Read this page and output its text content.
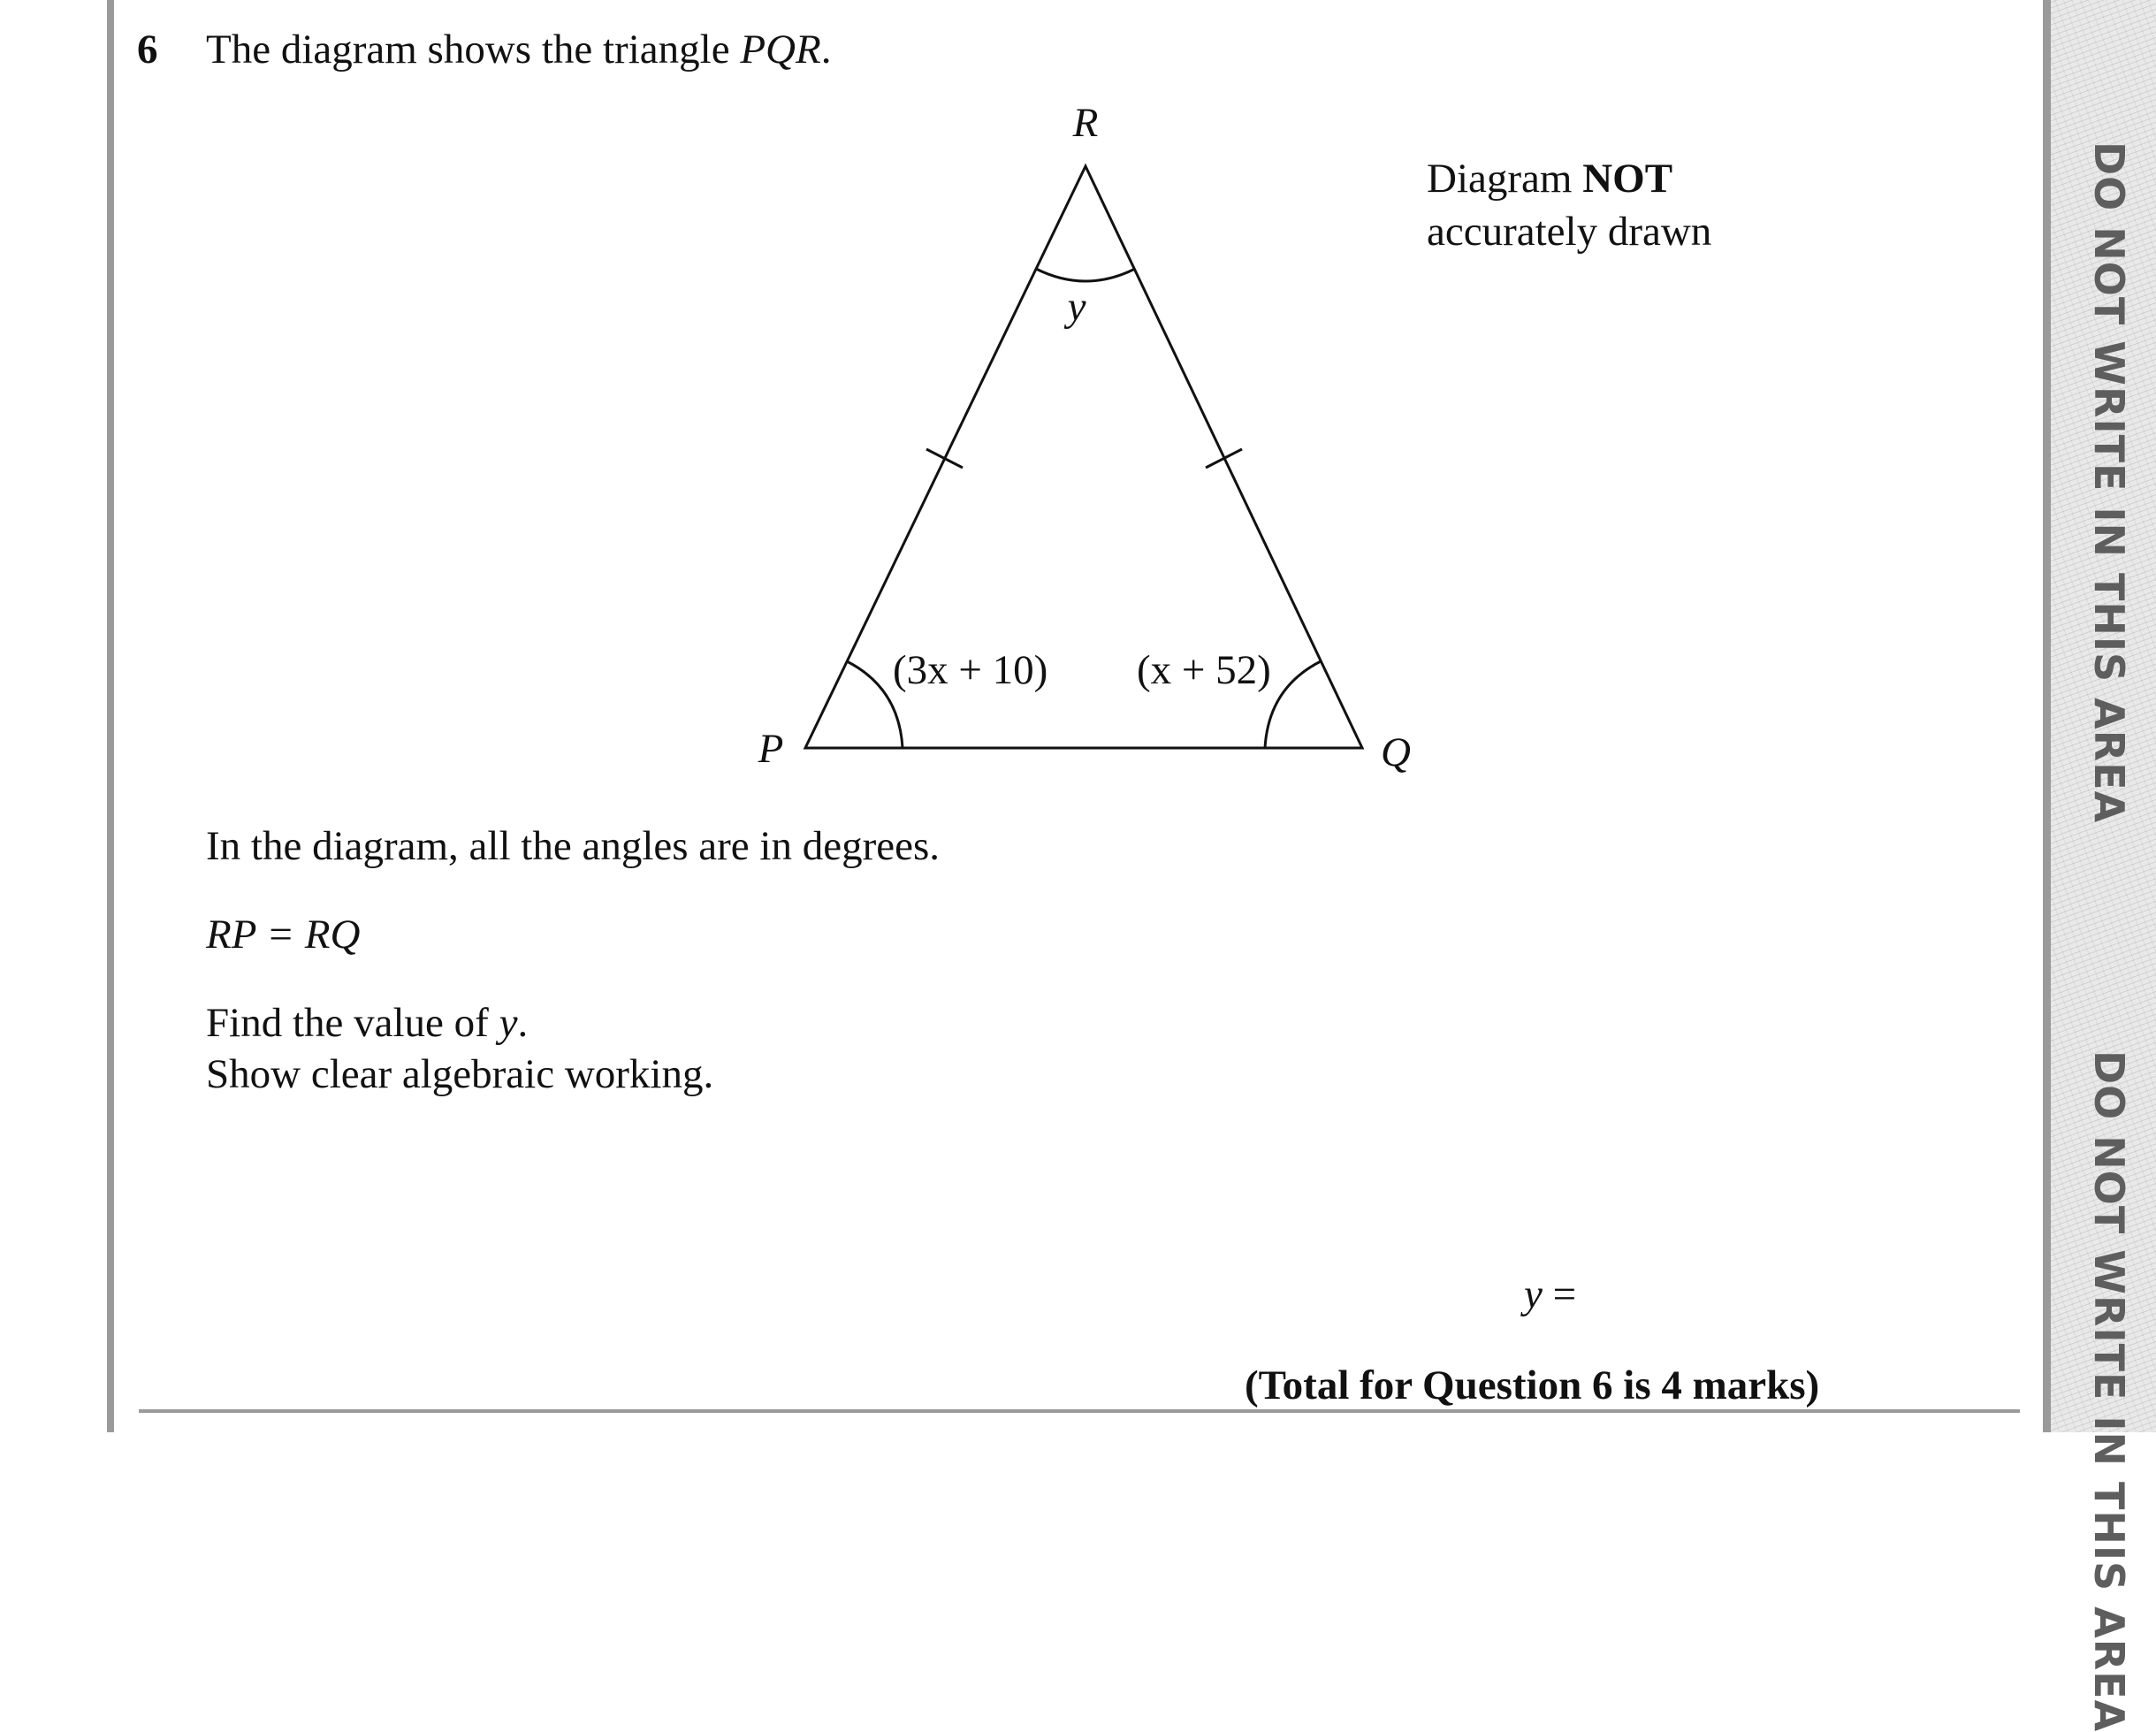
DO NOT WRITE IN THIS AREA
DO NOT WRITE IN THIS AREA
6 The diagram shows the triangle PQR.
R
P	Q
y
(3x + 10) (x + 52)
Diagram NOT
accurately drawn
In the diagram, all the angles are in degrees.
RP = RQ
Find the value of y.
Show clear algebraic working.
y =
(Total for Question 6 is 4 marks)
